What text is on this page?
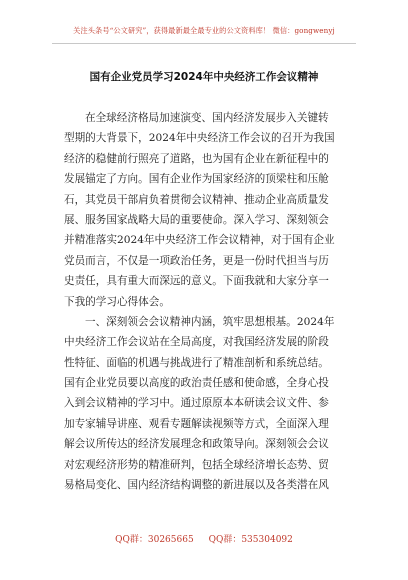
关注头条号“公文研究”，获得最新最全最专业的公文资料库！ 微信：gongwenyj
国有企业党员学习2024年中央经济工作会议精神
在全球经济格局加速演变、国内经济发展步入关键转
型期的大背景下，2024年中央经济工作会议的召开为我国
经济的稳健前行照亮了道路，也为国有企业在新征程中的
发展锚定了方向。国有企业作为国家经济的顶梁柱和压舱
石，其党员干部肩负着贯彻会议精神、推动企业高质量发
展、服务国家战略大局的重要使命。深入学习、深刻领会
并精准落实2024年中央经济工作会议精神，对于国有企业
党员而言，不仅是一项政治任务，更是一份时代担当与历
史责任，具有重大而深远的意义。下面我就和大家分享一
下我的学习心得体会。
一、深刻领会会议精神内涵，筑牢思想根基。2024年
中央经济工作会议站在全局高度，对我国经济发展的阶段
性特征、面临的机遇与挑战进行了精准剖析和系统总结。
国有企业党员要以高度的政治责任感和使命感，全身心投
入到会议精神的学习中。通过原原本本研读会议文件、参
加专家辅导讲座、观看专题解读视频等方式，全面深入理
解会议所传达的经济发展理念和政策导向。深刻领会会议
对宏观经济形势的精准研判，包括全球经济增长态势、贸
易格局变化、国内经济结构调整的新进展以及各类潜在风
QQ群：30265665 QQ群：535304092
